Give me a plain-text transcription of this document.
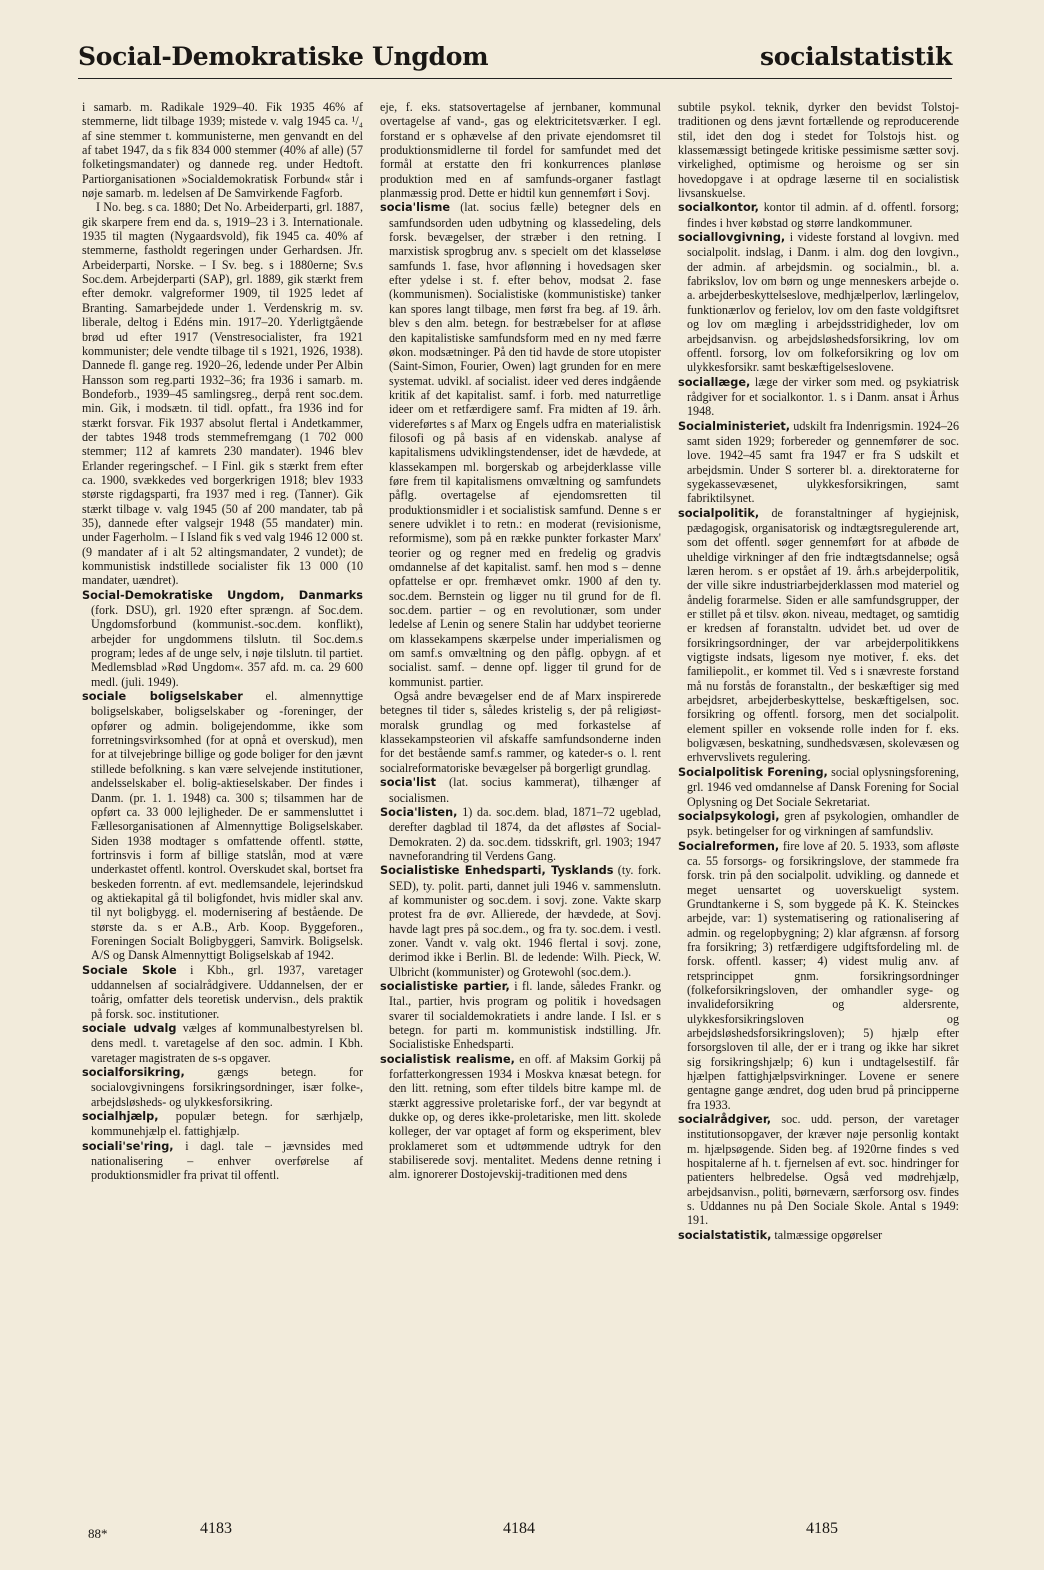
Social-Demokratiske Ungdom	socialstatistik

i samarb. m. Radikale 1929–40. Fik 1935 46% af stemmerne, lidt tilbage 1939; mistede v. valg 1945 ca. ¹/₄ af sine stemmer t. kommunisterne, men genvandt en del af tabet 1947, da s fik 834 000 stemmer (40% af alle) (57 folketingsmandater) og dannede reg. under Hedtoft. Partiorganisationen »Socialdemokratisk Forbund« står i nøje samarb. m. ledelsen af De Samvirkende Fagforb.

I No. beg. s ca. 1880; Det No. Arbeiderparti, grl. 1887, gik skarpere frem end da. s, 1919–23 i 3. Internationale. 1935 til magten (Nygaardsvold), fik 1945 ca. 40% af stemmerne, fastholdt regeringen under Gerhardsen. Jfr. Arbeiderparti, Norske. – I Sv. beg. s i 1880erne; Sv.s Soc.dem. Arbejderparti (SAP), grl. 1889, gik stærkt frem efter demokr. valgreformer 1909, til 1925 ledet af Branting. Samarbejdede under 1. Verdenskrig m. sv. liberale, deltog i Edéns min. 1917–20. Yderligtgående brød ud efter 1917 (Venstresocialister, fra 1921 kommunister; dele vendte tilbage til s 1921, 1926, 1938). Dannede fl. gange reg. 1920–26, ledende under Per Albin Hansson som reg.parti 1932–36; fra 1936 i samarb. m. Bondeforb., 1939–45 samlingsreg., derpå rent soc.dem. min. Gik, i modsætn. til tidl. opfatt., fra 1936 ind for stærkt forsvar. Fik 1937 absolut flertal i Andetkammer, der tabtes 1948 trods stemmefremgang (1 702 000 stemmer; 112 af kamrets 230 mandater). 1946 blev Erlander regeringschef. – I Finl. gik s stærkt frem efter ca. 1900, svækkedes ved borgerkrigen 1918; blev 1933 største rigdagsparti, fra 1937 med i reg. (Tanner). Gik stærkt tilbage v. valg 1945 (50 af 200 mandater, tab på 35), dannede efter valgsejr 1948 (55 mandater) min. under Fagerholm. – I Island fik s ved valg 1946 12 000 st. (9 mandater af i alt 52 altingsmandater, 2 vundet); de kommunistisk indstillede socialister fik 13 000 (10 mandater, uændret).

Social-Demokratiske Ungdom, Danmarks (fork. DSU), grl. 1920 efter sprængn. af Soc.dem. Ungdomsforbund (kommunist.-soc.dem. konflikt), arbejder for ungdommens tilslutn. til Soc.dem.s program; ledes af de unge selv, i nøje tilslutn. til partiet. Medlemsblad »Rød Ungdom«. 357 afd. m. ca. 29 600 medl. (juli. 1949).

sociale boligselskaber el. almennyttige boligselskaber, boligselskaber og -foreninger, der opfører og admin. boligejendomme, ikke som forretningsvirksomhed (for at opnå et overskud), men for at tilvejebringe billige og gode boliger for den jævnt stillede befolkning. s kan være selvejende institutioner, andelsselskaber el. bolig-aktieselskaber. Der findes i Danm. (pr. 1. 1. 1948) ca. 300 s; tilsammen har de opført ca. 33 000 lejligheder. De er sammensluttet i Fællesorganisationen af Almennyttige Boligselskaber. Siden 1938 modtager s omfattende offentl. støtte, fortrinsvis i form af billige statslån, mod at være underkastet offentl. kontrol. Overskudet skal, bortset fra beskeden forrentn. af evt. medlemsandele, lejerindskud og aktiekapital gå til boligfondet, hvis midler skal anv. til nyt boligbygg. el. modernisering af bestående. De største da. s er A.B., Arb. Koop. Byggeforen., Foreningen Socialt Boligbyggeri, Samvirk. Boligselsk. A/S og Dansk Almennyttigt Boligselskab af 1942.

Sociale Skole i Kbh., grl. 1937, varetager uddannelsen af socialrådgivere. Uddannelsen, der er toårig, omfatter dels teoretisk undervisn., dels praktik på forsk. soc. institutioner.

sociale udvalg vælges af kommunalbestyrelsen bl. dens medl. t. varetagelse af den soc. admin. I Kbh. varetager magistraten de s-s opgaver.

socialforsikring, gængs betegn. for socialovgivningens forsikringsordninger, især folke-, arbejdsløsheds- og ulykkesforsikring.

socialhjælp, populær betegn. for særhjælp, kommunehjælp el. fattighjælp.

sociali'se'ring, i dagl. tale – jævnsides med nationalisering – enhver overførelse af produktionsmidler fra privat til offentl.

eje, f. eks. statsovertagelse af jernbaner, kommunal overtagelse af vand-, gas og elektricitetsværker. I egl. forstand er s ophævelse af den private ejendomsret til produktionsmidlerne til fordel for samfundet med det formål at erstatte den fri konkurrences planløse produktion med en af samfunds-organer fastlagt planmæssig prod. Dette er hidtil kun gennemført i Sovj.

socia'lisme (lat. socius fælle) betegner dels en samfundsorden uden udbytning og klassedeling, dels forsk. bevægelser, der stræber i den retning. I marxistisk sprogbrug anv. s specielt om det klasseløse samfunds 1. fase, hvor aflønning i hovedsagen sker efter ydelse i st. f. efter behov, modsat 2. fase (kommunismen). Socialistiske (kommunistiske) tanker kan spores langt tilbage, men først fra beg. af 19. årh. blev s den alm. betegn. for bestræbelser for at afløse den kapitalistiske samfundsform med en ny med færre økon. modsætninger. På den tid havde de store utopister (Saint-Simon, Fourier, Owen) lagt grunden for en mere systemat. udvikl. af socialist. ideer ved deres indgående kritik af det kapitalist. samf. i forb. med naturretlige ideer om et retfærdigere samf. Fra midten af 19. årh. videreførtes s af Marx og Engels udfra en materialistisk filosofi og på basis af en videnskab. analyse af kapitalismens udviklingstendenser, idet de hævdede, at klassekampen ml. borgerskab og arbejderklasse ville føre frem til kapitalismens omvæltning og samfundets påflg. overtagelse af ejendomsretten til produktionsmidler i et socialistisk samfund. Denne s er senere udviklet i to retn.: en moderat (revisionisme, reformisme), som på en række punkter forkaster Marx' teorier og og regner med en fredelig og gradvis omdannelse af det kapitalist. samf. hen mod s – denne opfattelse er opr. fremhævet omkr. 1900 af den ty. soc.dem. Bernstein og ligger nu til grund for de fl. soc.dem. partier – og en revolutionær, som under ledelse af Lenin og senere Stalin har uddybet teorierne om klassekampens skærpelse under imperialismen og om samf.s omvæltning og den påflg. opbygn. af et socialist. samf. – denne opf. ligger til grund for de kommunist. partier.

Også andre bevægelser end de af Marx inspirerede betegnes til tider s, således kristelig s, der på religiøst-moralsk grundlag og med forkastelse af klassekampsteorien vil afskaffe samfundsonderne inden for det bestående samf.s rammer, og kateder-s o. l. rent socialreformatoriske bevægelser på borgerligt grundlag.

socia'list (lat. socius kammerat), tilhænger af socialismen.

Socia'listen, 1) da. soc.dem. blad, 1871–72 ugeblad, derefter dagblad til 1874, da det afløstes af Social-Demokraten. 2) da. soc.dem. tidsskrift, grl. 1903; 1947 navneforandring til Verdens Gang.

Socialistiske Enhedsparti, Tysklands (ty. fork. SED), ty. polit. parti, dannet juli 1946 v. sammenslutn. af kommunister og soc.dem. i sovj. zone. Vakte skarp protest fra de øvr. Allierede, der hævdede, at Sovj. havde lagt pres på soc.dem., og fra ty. soc.dem. i vestl. zoner. Vandt v. valg okt. 1946 flertal i sovj. zone, derimod ikke i Berlin. Bl. de ledende: Wilh. Pieck, W. Ulbricht (kommunister) og Grotewohl (soc.dem.).

socialistiske partier, i fl. lande, således Frankr. og Ital., partier, hvis program og politik i hovedsagen svarer til socialdemokratiets i andre lande. I Isl. er s betegn. for parti m. kommunistisk indstilling. Jfr. Socialistiske Enhedsparti.

socialistisk realisme, en off. af Maksim Gorkij på forfatterkongressen 1934 i Moskva knæsat betegn. for den litt. retning, som efter tildels bitre kampe ml. de stærkt aggressive proletariske forf., der var begyndt at dukke op, og deres ikke-proletariske, men litt. skolede kolleger, der var optaget af form og eksperiment, blev proklameret som et udtømmende udtryk for den stabiliserede sovj. mentalitet. Medens denne retning i alm. ignorerer Dostojevskij-traditionen med dens

subtile psykol. teknik, dyrker den bevidst Tolstoj-traditionen og dens jævnt fortællende og reproducerende stil, idet den dog i stedet for Tolstojs hist. og klassemæssigt betingede kritiske pessimisme sætter sovj. virkelighed, optimisme og heroisme og ser sin hovedopgave i at opdrage læserne til en socialistisk livsanskuelse.

socialkontor, kontor til admin. af d. offentl. forsorg; findes i hver købstad og større landkommuner.

sociallovgivning, i videste forstand al lovgivn. med socialpolit. indslag, i Danm. i alm. dog den lovgivn., der admin. af arbejdsmin. og socialmin., bl. a. fabrikslov, lov om børn og unge menneskers arbejde o. a. arbejderbeskyttelseslove, medhjælperlov, lærlingelov, funktionærlov og ferielov, lov om den faste voldgiftsret og lov om mægling i arbejdsstridigheder, lov om arbejdsanvisn. og arbejdsløshedsforsikring, lov om offentl. forsorg, lov om folkeforsikring og lov om ulykkesforsikr. samt beskæftigelseslovene.

sociallæge, læge der virker som med. og psykiatrisk rådgiver for et socialkontor. 1. s i Danm. ansat i Århus 1948.

Socialministeriet, udskilt fra Indenrigsmin. 1924–26 samt siden 1929; forbereder og gennemfører de soc. love. 1942–45 samt fra 1947 er fra S udskilt et arbejdsmin. Under S sorterer bl. a. direktoraterne for sygekassevæsenet, ulykkesforsikringen, samt fabriktilsynet.

socialpolitik, de foranstaltninger af hygiejnisk, pædagogisk, organisatorisk og indtægtsregulerende art, som det offentl. søger gennemført for at afbøde de uheldige virkninger af den frie indtægtsdannelse; også læren herom. s er opstået af 19. årh.s arbejderpolitik, der ville sikre industriarbejderklassen mod materiel og åndelig forarmelse. Siden er alle samfundsgrupper, der er stillet på et tilsv. økon. niveau, medtaget, og samtidig er kredsen af foranstaltn. udvidet bet. ud over de forsikringsordninger, der var arbejderpolitikkens vigtigste indsats, ligesom nye motiver, f. eks. det familiepolit., er kommet til. Ved s i snævreste forstand må nu forstås de foranstaltn., der beskæftiger sig med arbejdsret, arbejderbeskyttelse, beskæftigelsen, soc. forsikring og offentl. forsorg, men det socialpolit. element spiller en voksende rolle inden for f. eks. boligvæsen, beskatning, sundhedsvæsen, skolevæsen og erhvervslivets regulering.

Socialpolitisk Forening, social oplysningsforening, grl. 1946 ved omdannelse af Dansk Forening for Social Oplysning og Det Sociale Sekretariat.

socialpsykologi, gren af psykologien, omhandler de psyk. betingelser for og virkningen af samfundsliv.

Socialreformen, fire love af 20. 5. 1933, som afløste ca. 55 forsorgs- og forsikringslove, der stammede fra forsk. trin på den socialpolit. udvikling. og dannede et meget uensartet og uoverskueligt system. Grundtankerne i S, som byggede på K. K. Steinckes arbejde, var: 1) systematisering og rationalisering af admin. og regelopbygning; 2) klar afgrænsn. af forsorg fra forsikring; 3) retfærdigere udgiftsfordeling ml. de forsk. offentl. kasser; 4) videst mulig anv. af retsprincippet gnm. forsikringsordninger (folkeforsikringsloven, der omhandler syge- og invalideforsikring og aldersrente, ulykkesforsikringsloven og arbejdsløshedsforsikringsloven); 5) hjælp efter forsorgsloven til alle, der er i trang og ikke har sikret sig forsikringshjælp; 6) kun i undtagelsestilf. får hjælpen fattighjælpsvirkninger. Lovene er senere gentagne gange ændret, dog uden brud på principperne fra 1933.

socialrådgiver, soc. udd. person, der varetager institutionsopgaver, der kræver nøje personlig kontakt m. hjælpsøgende. Siden beg. af 1920rne findes s ved hospitalerne af h. t. fjernelsen af evt. soc. hindringer for patienters helbredelse. Også ved mødrehjælp, arbejdsanvisn., politi, børneværn, særforsorg osv. findes s. Uddannes nu på Den Sociale Skole. Antal s 1949: 191.

socialstatistik, talmæssige opgørelser

88*	4183	4184	4185
